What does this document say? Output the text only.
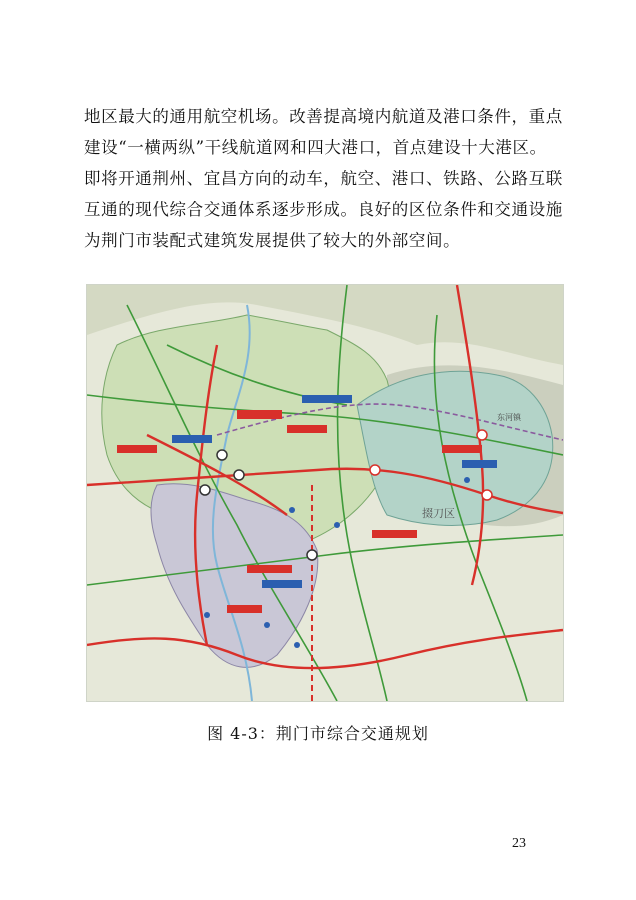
地区最大的通用航空机场。改善提高境内航道及港口条件，重点
建设“一横两纵”干线航道网和四大港口，首点建设十大港区。
即将开通荆州、宜昌方向的动车，航空、港口、铁路、公路互联
互通的现代综合交通体系逐步形成。良好的区位条件和交通设施
为荆门市装配式建筑发展提供了较大的外部空间。
掇刀区
东河镇
图 4-3：荆门市综合交通规划
23
